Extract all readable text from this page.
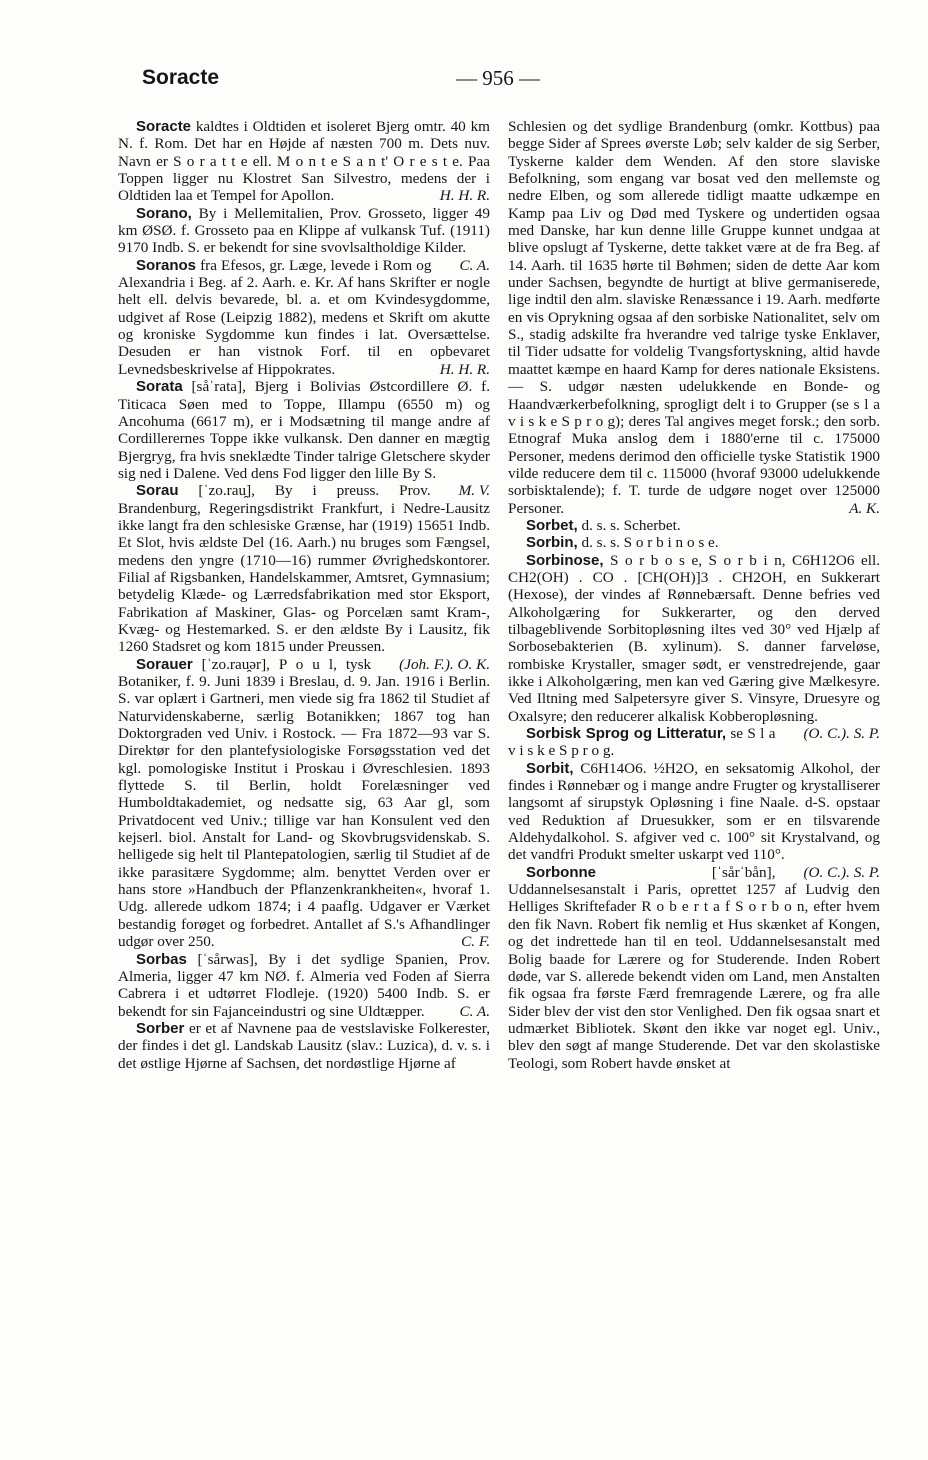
Soracte	— 956 —

Soracte kaldtes i Oldtiden et isoleret Bjerg omtr. 40 km N. f. Rom. Det har en Højde af næsten 700 m. Dets nuv. Navn er S o r a t t e ell. M o n t e S a n t' O r e s t e. Paa Toppen ligger nu Klostret San Silvestro, medens der i Oldtiden laa et Tempel for Apollon.	H. H. R.

Sorano, By i Mellemitalien, Prov. Grosseto, ligger 49 km ØSØ. f. Grosseto paa en Klippe af vulkansk Tuf. (1911) 9170 Indb. S. er bekendt for sine svovlsaltholdige Kilder.
C. A.

Soranos fra Efesos, gr. Læge, levede i Rom og Alexandria i Beg. af 2. Aarh. e. Kr. Af hans Skrifter er nogle helt ell. delvis bevarede, bl. a. et om Kvindesygdomme, udgivet af Rose (Leipzig 1882), medens et Skrift om akutte og kroniske Sygdomme kun findes i lat. Oversættelse. Desuden er han vistnok Forf. til en opbevaret Levnedsbeskrivelse af Hippokrates.	H. H. R.

Sorata [såˈrata], Bjerg i Bolivias Østcordillere Ø. f. Titicaca Søen med to Toppe, Illampu (6550 m) og Ancohuma (6617 m), er i Modsætning til mange andre af Cordillerernes Toppe ikke vulkansk. Den danner en mægtig Bjergryg, fra hvis sneklædte Tinder talrige Gletschere skyder sig ned i Dalene. Ved dens Fod ligger den lille By S.
M. V.

Sorau [ˈzo.rau̯], By i preuss. Prov. Brandenburg, Regeringsdistrikt Frankfurt, i Nedre-Lausitz ikke langt fra den schlesiske Grænse, har (1919) 15651 Indb. Et Slot, hvis ældste Del (16. Aarh.) nu bruges som Fængsel, medens den yngre (1710—16) rummer Øvrighedskontorer. Filial af Rigsbanken, Handelskammer, Amtsret, Gymnasium; betydelig Klæde- og Lærredsfabrikation med stor Eksport, Fabrikation af Maskiner, Glas- og Porcelæn samt Kram-, Kvæg- og Hestemarked. S. er den ældste By i Lausitz, fik 1260 Stadsret og kom 1815 under Preussen.
(Joh. F.). O. K.

Sorauer [ˈzo.rau̯ər], P o u l, tysk Botaniker, f. 9. Juni 1839 i Breslau, d. 9. Jan. 1916 i Berlin. S. var oplært i Gartneri, men viede sig fra 1862 til Studiet af Naturvidenskaberne, særlig Botanikken; 1867 tog han Doktorgraden ved Univ. i Rostock. — Fra 1872—93 var S. Direktør for den plantefysiologiske Forsøgsstation ved det kgl. pomologiske Institut i Proskau i Øvreschlesien. 1893 flyttede S. til Berlin, holdt Forelæsninger ved Humboldtakademiet, og nedsatte sig, 63 Aar gl, som Privatdocent ved Univ.; tillige var han Konsulent ved den kejserl. biol. Anstalt for Land- og Skovbrugsvidenskab. S. helligede sig helt til Plantepatologien, særlig til Studiet af de ikke parasitære Sygdomme; alm. benyttet Verden over er hans store »Handbuch der Pflanzenkrankheiten«, hvoraf 1. Udg. allerede udkom 1874; i 4 paaflg. Udgaver er Værket bestandig forøget og forbedret. Antallet af S.'s Afhandlinger udgør over 250.	C. F.

Sorbas [ˈsårwas], By i det sydlige Spanien, Prov. Almeria, ligger 47 km NØ. f. Almeria ved Foden af Sierra Cabrera i et udtørret Flodleje. (1920) 5400 Indb. S. er bekendt for sin Fajanceindustri og sine Uldtæpper.	C. A.

Sorber er et af Navnene paa de vestslaviske Folkerester, der findes i det gl. Landskab Lausitz (slav.: Luzica), d. v. s. i det østlige Hjørne af Sachsen, det nordøstlige Hjørne af

Schlesien og det sydlige Brandenburg (omkr. Kottbus) paa begge Sider af Sprees øverste Løb; selv kalder de sig Serber, Tyskerne kalder dem Wenden. Af den store slaviske Befolkning, som engang var bosat ved den mellemste og nedre Elben, og som allerede tidligt maatte udkæmpe en Kamp paa Liv og Død med Tyskere og undertiden ogsaa med Danske, har kun denne lille Gruppe kunnet undgaa at blive opslugt af Tyskerne, dette takket være at de fra Beg. af 14. Aarh. til 1635 hørte til Bøhmen; siden de dette Aar kom under Sachsen, begyndte de hurtigt at blive germaniserede, lige indtil den alm. slaviske Renæssance i 19. Aarh. medførte en vis Oprykning ogsaa af den sorbiske Nationalitet, selv om S., stadig adskilte fra hverandre ved talrige tyske Enklaver, til Tider udsatte for voldelig Tvangsfortyskning, altid havde maattet kæmpe en haard Kamp for deres nationale Eksistens. — S. udgør næsten udelukkende en Bonde- og Haandværkerbefolkning, sprogligt delt i to Grupper (se s l a v i s k e S p r o g); deres Tal angives meget forsk.; den sorb. Etnograf Muka anslog dem i 1880'erne til c. 175000 Personer, medens derimod den officielle tyske Statistik 1900 vilde reducere dem til c. 115000 (hvoraf 93000 udelukkende sorbisktalende); f. T. turde de udgøre noget over 125000 Personer.	A. K.

Sorbet, d. s. s. Scherbet.

Sorbin, d. s. s. S o r b i n o s e.

Sorbinose, S o r b o s e, S o r b i n, C6H12O6 ell. CH2(OH) . CO . [CH(OH)]3 . CH2OH, en Sukkerart (Hexose), der vindes af Rønnebærsaft. Denne befries ved Alkoholgæring for Sukkerarter, og den derved tilbageblivende Sorbitopløsning iltes ved 30° ved Hjælp af Sorbosebakterien (B. xylinum). S. danner farveløse, rombiske Krystaller, smager sødt, er venstredrejende, gaar ikke i Alkoholgæring, men kan ved Gæring give Mælkesyre. Ved Iltning med Salpetersyre giver S. Vinsyre, Druesyre og Oxalsyre; den reducerer alkalisk Kobberopløsning.
(O. C.). S. P.

Sorbisk Sprog og Litteratur, se S l a v i s k e S p r o g.

Sorbit, C6H14O6. ½H2O, en seksatomig Alkohol, der findes i Rønnebær og i mange andre Frugter og krystalliserer langsomt af sirupstyk Opløsning i fine Naale. d-S. opstaar ved Reduktion af Druesukker, som er en tilsvarende Aldehydalkohol. S. afgiver ved c. 100° sit Krystalvand, og det vandfri Produkt smelter uskarpt ved 110°.
(O. C.). S. P.

Sorbonne [ˈsårˈbån], Uddannelsesanstalt i Paris, oprettet 1257 af Ludvig den Helliges Skriftefader R o b e r t a f S o r b o n, efter hvem den fik Navn. Robert fik nemlig et Hus skænket af Kongen, og det indrettede han til en teol. Uddannelsesanstalt med Bolig baade for Lærere og for Studerende. Inden Robert døde, var S. allerede bekendt viden om Land, men Anstalten fik ogsaa fra første Færd fremragende Lærere, og fra alle Sider blev der vist den stor Venlighed. Den fik ogsaa snart et udmærket Bibliotek. Skønt den ikke var noget egl. Univ., blev den søgt af mange Studerende. Det var den skolastiske Teologi, som Robert havde ønsket at
